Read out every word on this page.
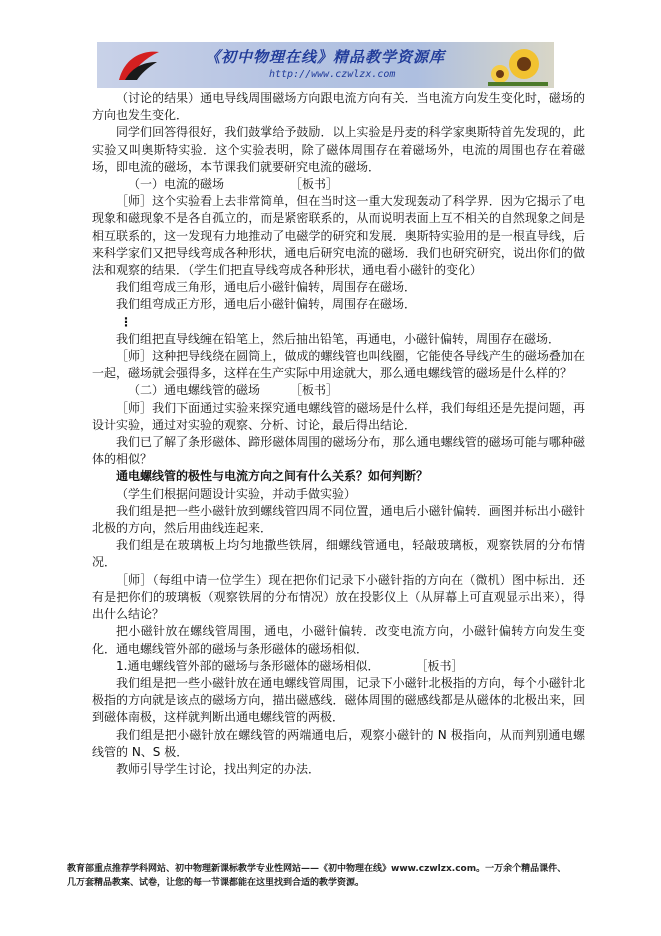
《初中物理在线》精品教学资源库
http://www.czwlzx.com

（讨论的结果）通电导线周围磁场方向跟电流方向有关．当电流方向发生变化时，磁场的方向也发生变化．

同学们回答得很好，我们鼓掌给予鼓励．以上实验是丹麦的科学家奥斯特首先发现的，此实验又叫奥斯特实验．这个实验表明，除了磁体周围存在着磁场外，电流的周围也存在着磁场，即电流的磁场，本节课我们就要研究电流的磁场．

（一）电流的磁场　　　　　　［板书］

［师］这个实验看上去非常简单，但在当时这一重大发现轰动了科学界．因为它揭示了电现象和磁现象不是各自孤立的，而是紧密联系的，从而说明表面上互不相关的自然现象之间是相互联系的，这一发现有力地推动了电磁学的研究和发展．奥斯特实验用的是一根直导线，后来科学家们又把导线弯成各种形状，通电后研究电流的磁场．我们也研究研究，说出你们的做法和观察的结果．（学生们把直导线弯成各种形状，通电看小磁针的变化）

我们组弯成三角形，通电后小磁针偏转，周围存在磁场．

我们组弯成正方形，通电后小磁针偏转，周围存在磁场．

⋮

我们组把直导线缠在铅笔上，然后抽出铅笔，再通电，小磁针偏转，周围存在磁场．

［师］这种把导线绕在圆筒上，做成的螺线管也叫线圈，它能使各导线产生的磁场叠加在一起，磁场就会强得多，这样在生产实际中用途就大，那么通电螺线管的磁场是什么样的？

（二）通电螺线管的磁场　　　［板书］

［师］我们下面通过实验来探究通电螺线管的磁场是什么样，我们每组还是先提问题，再设计实验，通过对实验的观察、分析、讨论，最后得出结论．

我们已了解了条形磁体、蹄形磁体周围的磁场分布，那么通电螺线管的磁场可能与哪种磁体的相似？

通电螺线管的极性与电流方向之间有什么关系？如何判断？

（学生们根据问题设计实验，并动手做实验）

我们组是把一些小磁针放到螺线管四周不同位置，通电后小磁针偏转．画图并标出小磁针北极的方向，然后用曲线连起来．

我们组是在玻璃板上均匀地撒些铁屑，细螺线管通电，轻敲玻璃板，观察铁屑的分布情况．

［师］（每组中请一位学生）现在把你们记录下小磁针指的方向在（微机）图中标出．还有是把你们的玻璃板（观察铁屑的分布情况）放在投影仪上（从屏幕上可直观显示出来），得出什么结论？

把小磁针放在螺线管周围，通电，小磁针偏转．改变电流方向，小磁针偏转方向发生变化．通电螺线管外部的磁场与条形磁体的磁场相似．

1.通电螺线管外部的磁场与条形磁体的磁场相似．　　　　［板书］

我们组是把一些小磁针放在通电螺线管周围，记录下小磁针北极指的方向，每个小磁针北极指的方向就是该点的磁场方向，描出磁感线．磁体周围的磁感线都是从磁体的北极出来，回到磁体南极，这样就判断出通电螺线管的两极．

我们组是把小磁针放在螺线管的两端通电后，观察小磁针的 N 极指向，从而判别通电螺线管的 N、S 极．

教师引导学生讨论，找出判定的办法．

教育部重点推荐学科网站、初中物理新课标教学专业性网站——《初中物理在线》www.czwlzx.com。一万余个精品课件、
几万套精品教案、试卷，让您的每一节课都能在这里找到合适的教学资源。
